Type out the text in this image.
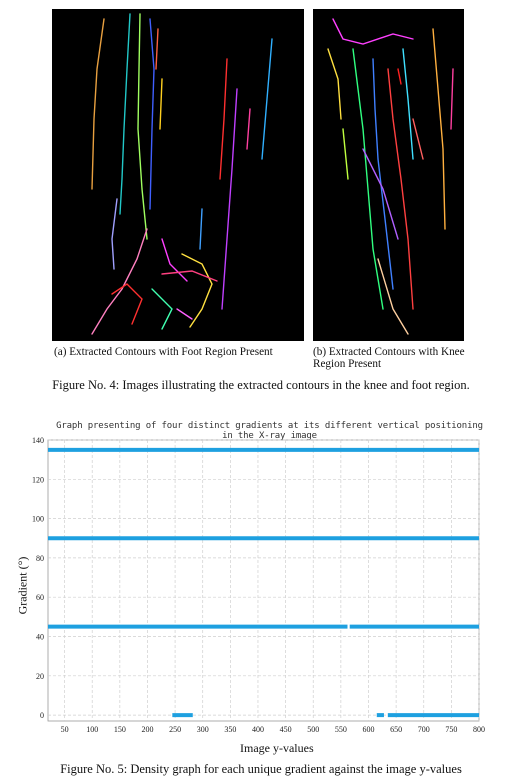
(a) Extracted Contours with Foot Region Present	(b) Extracted Contours with Knee Region Present
Figure No. 4: Images illustrating the extracted contours in the knee and foot region.
Graph presenting of four distinct gradients at its different vertical positioning in the X-ray image
50 100 150 200 250 300 350 400 450 500 550 600 650 700 750 800
0
20
40
60
80
100
120
140
Gradient (°)
Image y-values
Figure No. 5: Density graph for each unique gradient against the image y-values
